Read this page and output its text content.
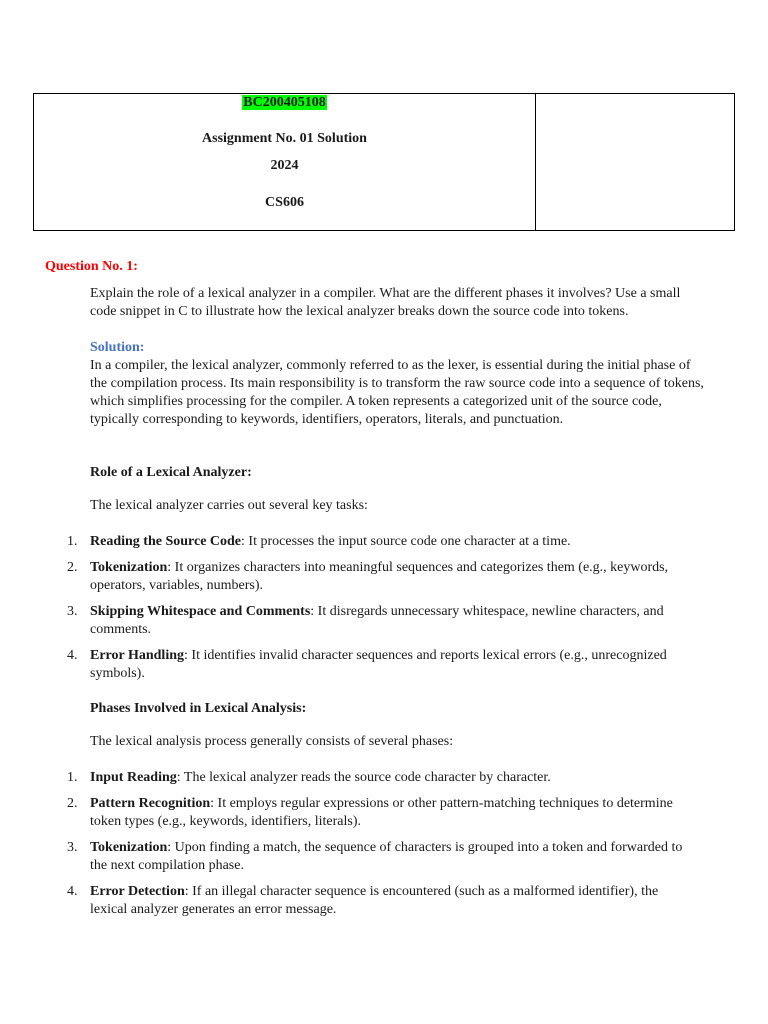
BC200405108
Assignment No. 01 Solution
2024
CS606
Question No. 1:
Explain the role of a lexical analyzer in a compiler. What are the different phases it involves? Use a small code snippet in C to illustrate how the lexical analyzer breaks down the source code into tokens.
Solution:
In a compiler, the lexical analyzer, commonly referred to as the lexer, is essential during the initial phase of the compilation process. Its main responsibility is to transform the raw source code into a sequence of tokens, which simplifies processing for the compiler. A token represents a categorized unit of the source code, typically corresponding to keywords, identifiers, operators, literals, and punctuation.
Role of a Lexical Analyzer:
The lexical analyzer carries out several key tasks:
1. Reading the Source Code: It processes the input source code one character at a time.
2. Tokenization: It organizes characters into meaningful sequences and categorizes them (e.g., keywords, operators, variables, numbers).
3. Skipping Whitespace and Comments: It disregards unnecessary whitespace, newline characters, and comments.
4. Error Handling: It identifies invalid character sequences and reports lexical errors (e.g., unrecognized symbols).
Phases Involved in Lexical Analysis:
The lexical analysis process generally consists of several phases:
1. Input Reading: The lexical analyzer reads the source code character by character.
2. Pattern Recognition: It employs regular expressions or other pattern-matching techniques to determine token types (e.g., keywords, identifiers, literals).
3. Tokenization: Upon finding a match, the sequence of characters is grouped into a token and forwarded to the next compilation phase.
4. Error Detection: If an illegal character sequence is encountered (such as a malformed identifier), the lexical analyzer generates an error message.
